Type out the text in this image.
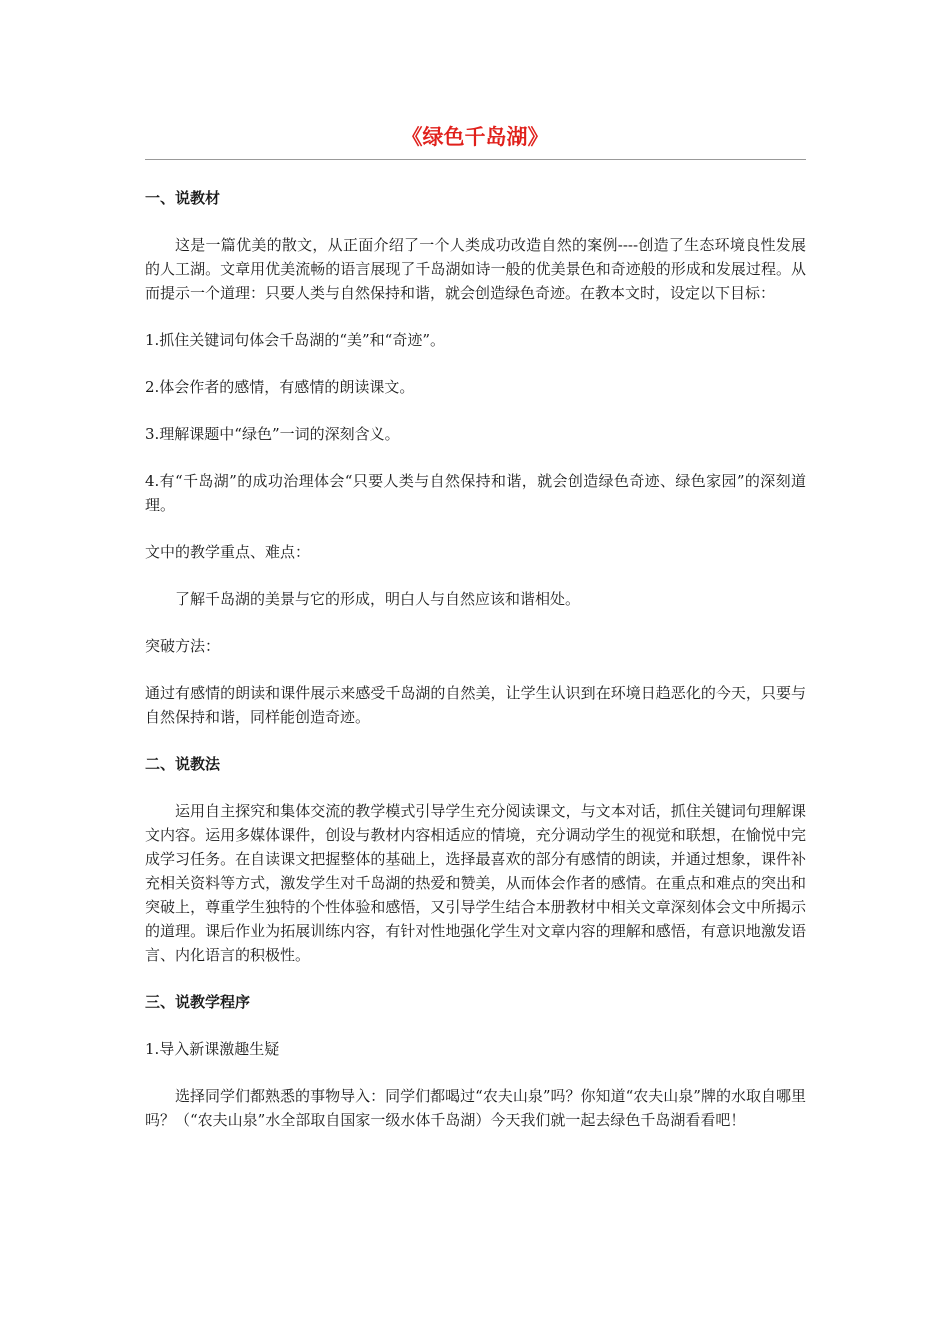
《绿色千岛湖》
一、说教材

这是一篇优美的散文，从正面介绍了一个人类成功改造自然的案例----创造了生态环境良性发展的人工湖。文章用优美流畅的语言展现了千岛湖如诗一般的优美景色和奇迹般的形成和发展过程。从而提示一个道理：只要人类与自然保持和谐，就会创造绿色奇迹。在教本文时，设定以下目标：

1.抓住关键词句体会千岛湖的“美”和“奇迹”。

2.体会作者的感情，有感情的朗读课文。

3.理解课题中“绿色”一词的深刻含义。

4.有“千岛湖”的成功治理体会“只要人类与自然保持和谐，就会创造绿色奇迹、绿色家园”的深刻道理。

文中的教学重点、难点：

了解千岛湖的美景与它的形成，明白人与自然应该和谐相处。

突破方法：

通过有感情的朗读和课件展示来感受千岛湖的自然美，让学生认识到在环境日趋恶化的今天，只要与自然保持和谐，同样能创造奇迹。

二、说教法

运用自主探究和集体交流的教学模式引导学生充分阅读课文，与文本对话，抓住关键词句理解课文内容。运用多媒体课件，创设与教材内容相适应的情境，充分调动学生的视觉和联想，在愉悦中完成学习任务。在自读课文把握整体的基础上，选择最喜欢的部分有感情的朗读，并通过想象，课件补充相关资料等方式，激发学生对千岛湖的热爱和赞美，从而体会作者的感情。在重点和难点的突出和突破上，尊重学生独特的个性体验和感悟，又引导学生结合本册教材中相关文章深刻体会文中所揭示的道理。课后作业为拓展训练内容，有针对性地强化学生对文章内容的理解和感悟，有意识地激发语言、内化语言的积极性。

三、说教学程序

1.导入新课激趣生疑

选择同学们都熟悉的事物导入：同学们都喝过“农夫山泉”吗？你知道“农夫山泉”牌的水取自哪里吗？（“农夫山泉”水全部取自国家一级水体千岛湖）今天我们就一起去绿色千岛湖看看吧！
